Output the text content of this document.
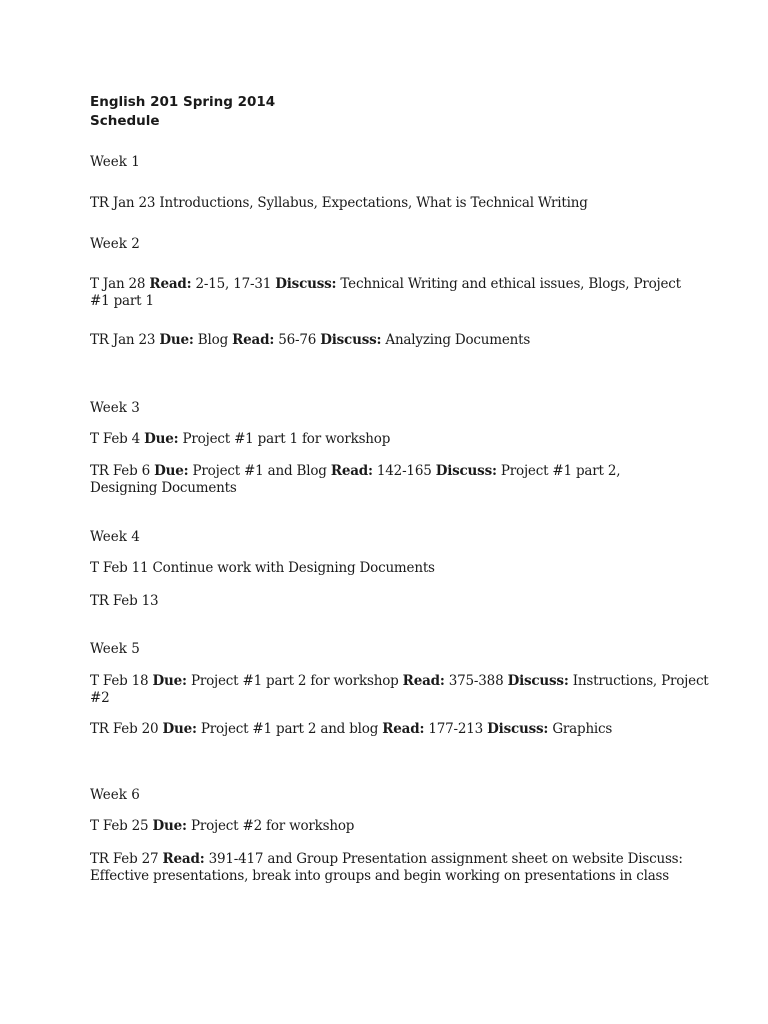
English 201 Spring 2014
Schedule
Week 1
TR Jan 23 Introductions, Syllabus, Expectations, What is Technical Writing
Week 2
T Jan 28 Read: 2-15, 17-31 Discuss: Technical Writing and ethical issues, Blogs, Project #1 part 1
TR Jan 23 Due: Blog Read: 56-76 Discuss: Analyzing Documents
Week 3
T Feb 4 Due: Project #1 part 1 for workshop
TR Feb 6 Due: Project #1 and Blog Read: 142-165 Discuss: Project #1 part 2, Designing Documents
Week 4
T Feb 11 Continue work with Designing Documents
TR Feb 13
Week 5
T Feb 18 Due: Project #1 part 2 for workshop Read: 375-388 Discuss: Instructions, Project #2
TR Feb 20 Due: Project #1 part 2 and blog Read: 177-213 Discuss: Graphics
Week 6
T Feb 25 Due: Project #2 for workshop
TR Feb 27 Read: 391-417 and Group Presentation assignment sheet on website Discuss: Effective presentations, break into groups and begin working on presentations in class
